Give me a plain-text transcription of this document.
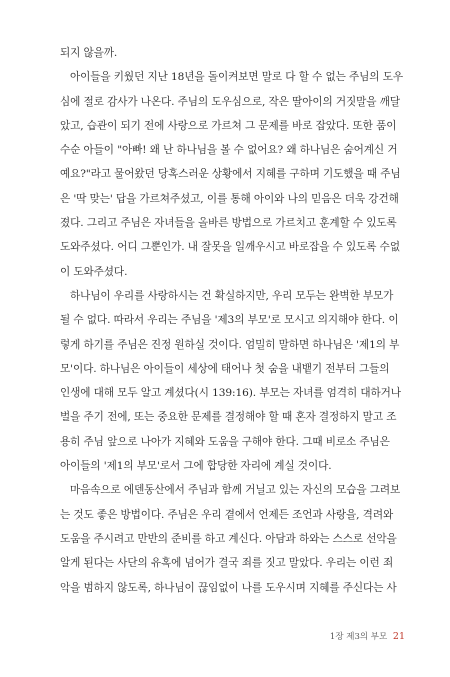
되지 않을까.
아이들을 키웠던 지난 18년을 돌이켜보면 말로 다 할 수 없는 주님의 도우
심에 절로 감사가 나온다. 주님의 도우심으로, 작은 딸아이의 거짓말을 깨달
았고, 습관이 되기 전에 사랑으로 가르쳐 그 문제를 바로 잡았다. 또한 품이
수순 아들이 "아빠! 왜 난 하나님을 볼 수 없어요? 왜 하나님은 숨어계신 거
예요?"라고 물어왔던 당혹스러운 상황에서 지혜를 구하며 기도했을 때 주님
은 '딱 맞는' 답을 가르쳐주셨고, 이를 통해 아이와 나의 믿음은 더욱 강건해
졌다. 그리고 주님은 자녀들을 올바른 방법으로 가르치고 훈계할 수 있도록
도와주셨다. 어디 그뿐인가. 내 잘못을 일깨우시고 바로잡을 수 있도록 수없
이 도와주셨다.
하나님이 우리를 사랑하시는 건 확실하지만, 우리 모두는 완벽한 부모가
될 수 없다. 따라서 우리는 주님을 '제3의 부모'로 모시고 의지해야 한다. 이
렇게 하기를 주님은 진정 원하실 것이다. 엄밀히 말하면 하나님은 '제1의 부
모'이다. 하나님은 아이들이 세상에 태어나 첫 숨을 내뱉기 전부터 그들의
인생에 대해 모두 알고 계셨다(시 139:16). 부모는 자녀를 엄격히 대하거나
벌을 주기 전에, 또는 중요한 문제를 결정해야 할 때 혼자 결정하지 말고 조
용히 주님 앞으로 나아가 지혜와 도움을 구해야 한다. 그때 비로소 주님은
아이들의 '제1의 부모'로서 그에 합당한 자리에 계실 것이다.
마음속으로 에덴동산에서 주님과 함께 거닐고 있는 자신의 모습을 그려보
는 것도 좋은 방법이다. 주님은 우리 곁에서 언제든 조언과 사랑을, 격려와
도움을 주시려고 만반의 준비를 하고 계신다. 아담과 하와는 스스로 선악을
알게 된다는 사단의 유혹에 넘어가 결국 죄를 짓고 말았다. 우리는 이런 죄
악을 범하지 않도록, 하나님이 끊임없이 나를 도우시며 지혜를 주신다는 사
1장 제3의 부모 21
